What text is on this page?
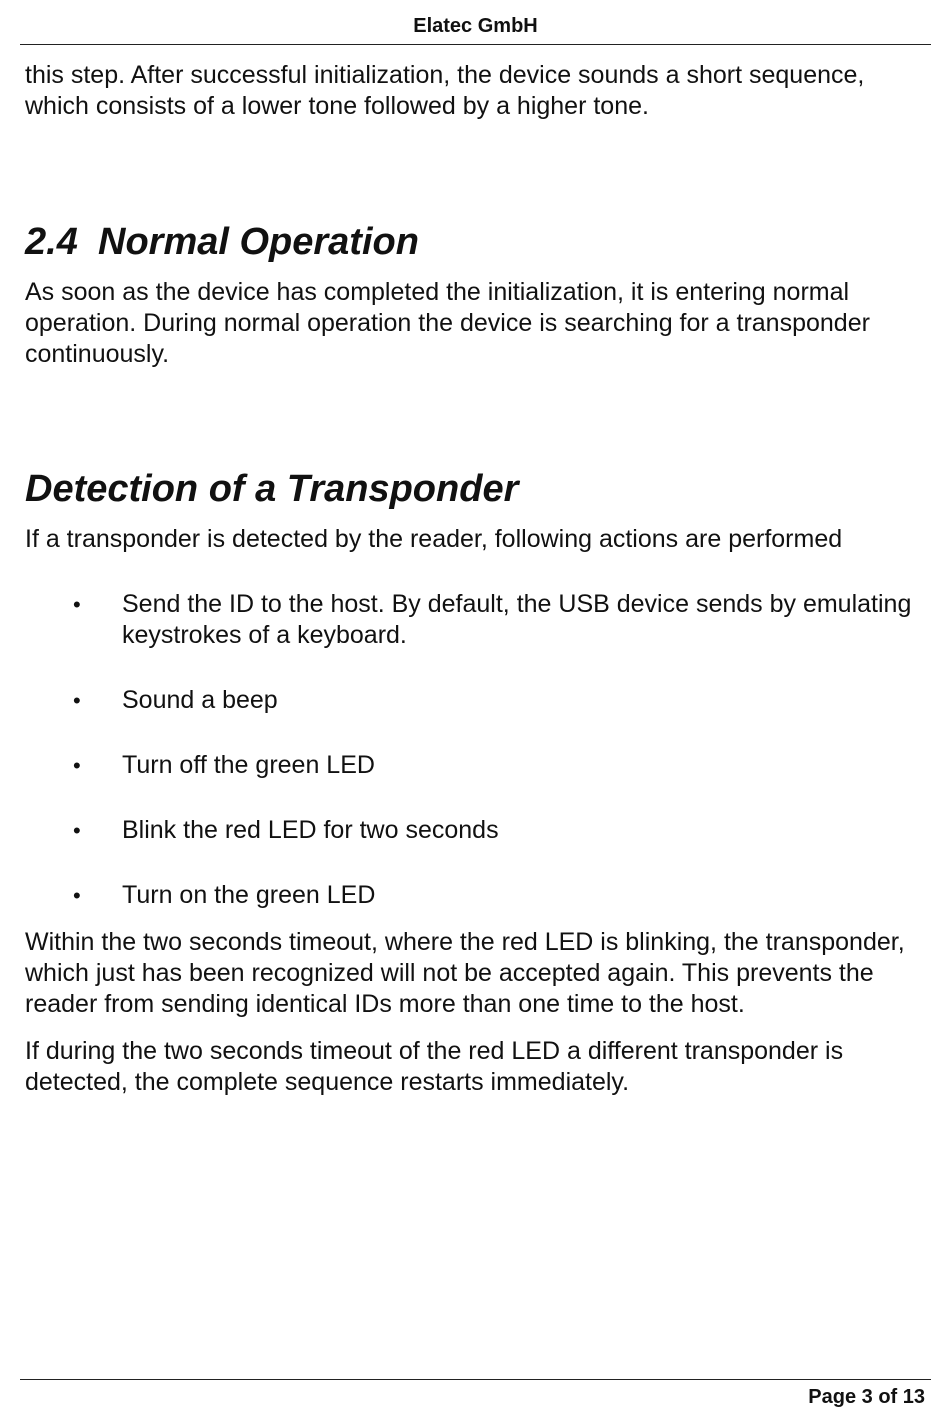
Elatec GmbH

this step. After successful initialization, the device sounds a short sequence, which consists of a lower tone followed by a higher tone.

2.4 Normal Operation

As soon as the device has completed the initialization, it is entering normal operation. During normal operation the device is searching for a transponder continuously.

Detection of a Transponder

If a transponder is detected by the reader, following actions are performed

• Send the ID to the host. By default, the USB device sends by emulating keystrokes of a keyboard.
• Sound a beep
• Turn off the green LED
• Blink the red LED for two seconds
• Turn on the green LED

Within the two seconds timeout, where the red LED is blinking, the transponder, which just has been recognized will not be accepted again. This prevents the reader from sending identical IDs more than one time to the host.

If during the two seconds timeout of the red LED a different transponder is detected, the complete sequence restarts immediately.

Page 3 of 13
